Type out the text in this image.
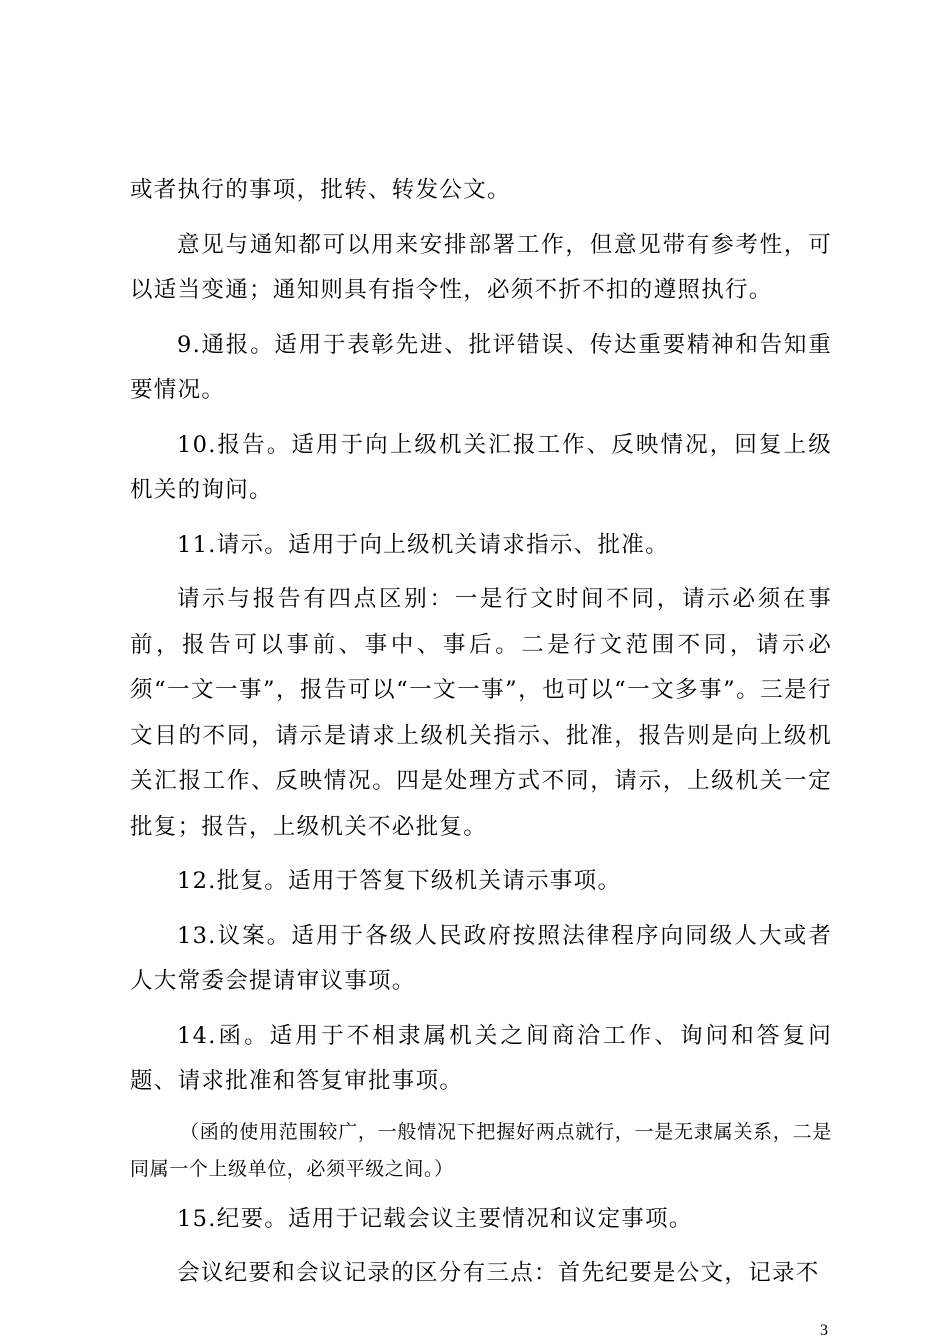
或者执行的事项，批转、转发公文。

意见与通知都可以用来安排部署工作，但意见带有参考性，可以适当变通；通知则具有指令性，必须不折不扣的遵照执行。

9.通报。适用于表彰先进、批评错误、传达重要精神和告知重要情况。

10.报告。适用于向上级机关汇报工作、反映情况，回复上级机关的询问。

11.请示。适用于向上级机关请求指示、批准。

请示与报告有四点区别：一是行文时间不同，请示必须在事前，报告可以事前、事中、事后。二是行文范围不同，请示必须“一文一事”，报告可以“一文一事”，也可以“一文多事”。三是行文目的不同，请示是请求上级机关指示、批准，报告则是向上级机关汇报工作、反映情况。四是处理方式不同，请示，上级机关一定批复；报告，上级机关不必批复。

12.批复。适用于答复下级机关请示事项。

13.议案。适用于各级人民政府按照法律程序向同级人大或者人大常委会提请审议事项。

14.函。适用于不相隶属机关之间商洽工作、询问和答复问题、请求批准和答复审批事项。

（函的使用范围较广，一般情况下把握好两点就行，一是无隶属关系，二是同属一个上级单位，必须平级之间。）

15.纪要。适用于记载会议主要情况和议定事项。

会议纪要和会议记录的区分有三点：首先纪要是公文，记录不

3
